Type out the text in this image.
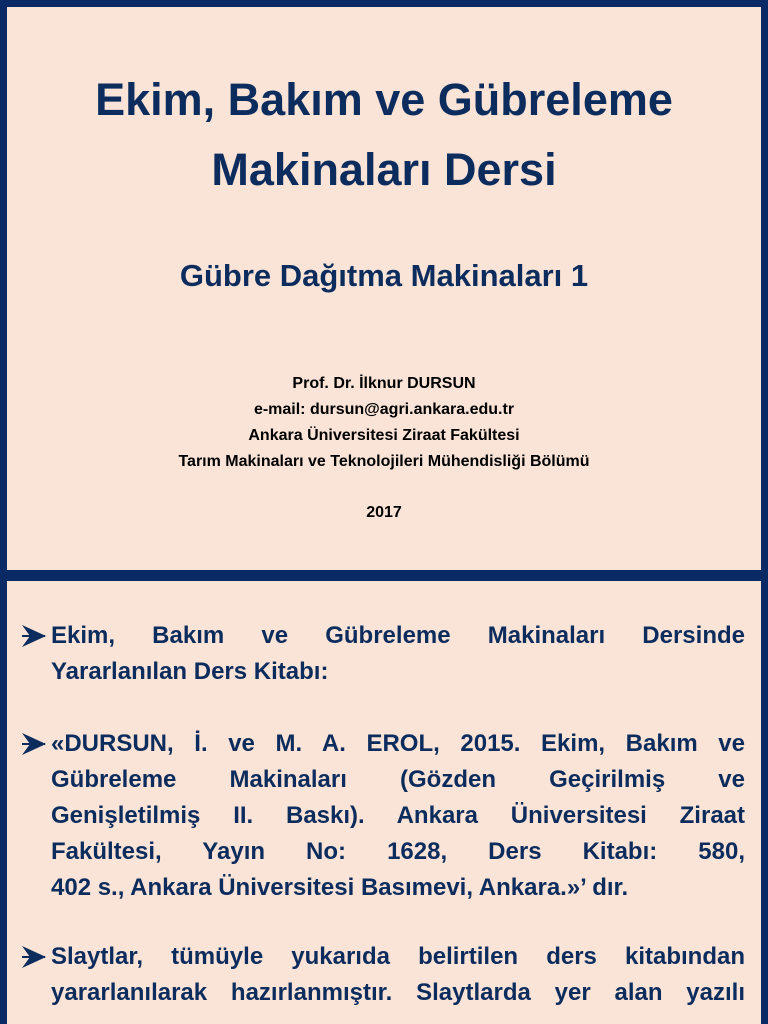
Ekim, Bakım ve Gübreleme
Makinaları Dersi
Gübre Dağıtma Makinaları 1
Prof. Dr. İlknur DURSUN
e-mail: dursun@agri.ankara.edu.tr
Ankara Üniversitesi Ziraat Fakültesi
Tarım Makinaları ve Teknolojileri Mühendisliği Bölümü
2017
Ekim, Bakım ve Gübreleme Makinaları Dersinde
Yararlanılan Ders Kitabı:
«DURSUN, İ. ve M. A. EROL, 2015. Ekim, Bakım ve
Gübreleme Makinaları (Gözden Geçirilmiş ve
Genişletilmiş II. Baskı). Ankara Üniversitesi Ziraat
Fakültesi, Yayın No: 1628, Ders Kitabı: 580,
402 s., Ankara Üniversitesi Basımevi, Ankara.»’ dır.
Slaytlar, tümüyle yukarıda belirtilen ders kitabından
yararlanılarak hazırlanmıştır. Slaytlarda yer alan yazılı
